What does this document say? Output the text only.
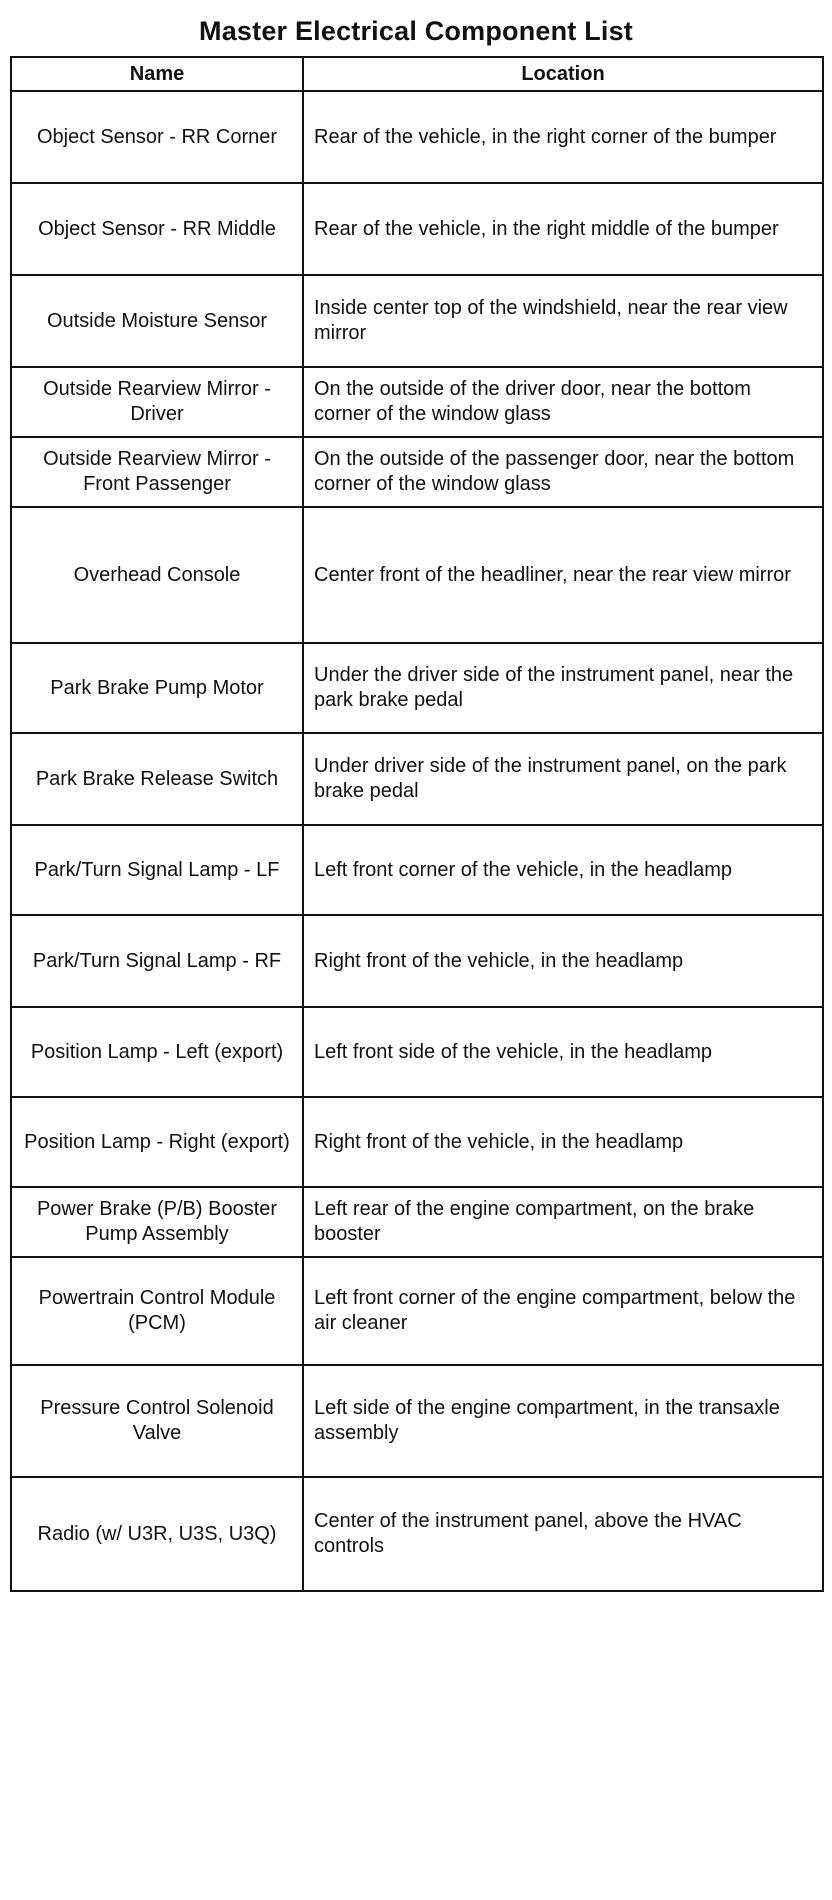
Master Electrical Component List
Name	Location
Object Sensor - RR Corner	Rear of the vehicle, in the right corner of the bumper
Object Sensor - RR Middle	Rear of the vehicle, in the right middle of the bumper
Outside Moisture Sensor	Inside center top of the windshield, near the rear view mirror
Outside Rearview Mirror - Driver	On the outside of the driver door, near the bottom corner of the window glass
Outside Rearview Mirror - Front Passenger	On the outside of the passenger door, near the bottom corner of the window glass
Overhead Console	Center front of the headliner, near the rear view mirror
Park Brake Pump Motor	Under the driver side of the instrument panel, near the park brake pedal
Park Brake Release Switch	Under driver side of the instrument panel, on the park brake pedal
Park/Turn Signal Lamp - LF	Left front corner of the vehicle, in the headlamp
Park/Turn Signal Lamp - RF	Right front of the vehicle, in the headlamp
Position Lamp - Left (export)	Left front side of the vehicle, in the headlamp
Position Lamp - Right (export)	Right front of the vehicle, in the headlamp
Power Brake (P/B) Booster Pump Assembly	Left rear of the engine compartment, on the brake booster
Powertrain Control Module (PCM)	Left front corner of the engine compartment, below the air cleaner
Pressure Control Solenoid Valve	Left side of the engine compartment, in the transaxle assembly
Radio (w/ U3R, U3S, U3Q)	Center of the instrument panel, above the HVAC controls
